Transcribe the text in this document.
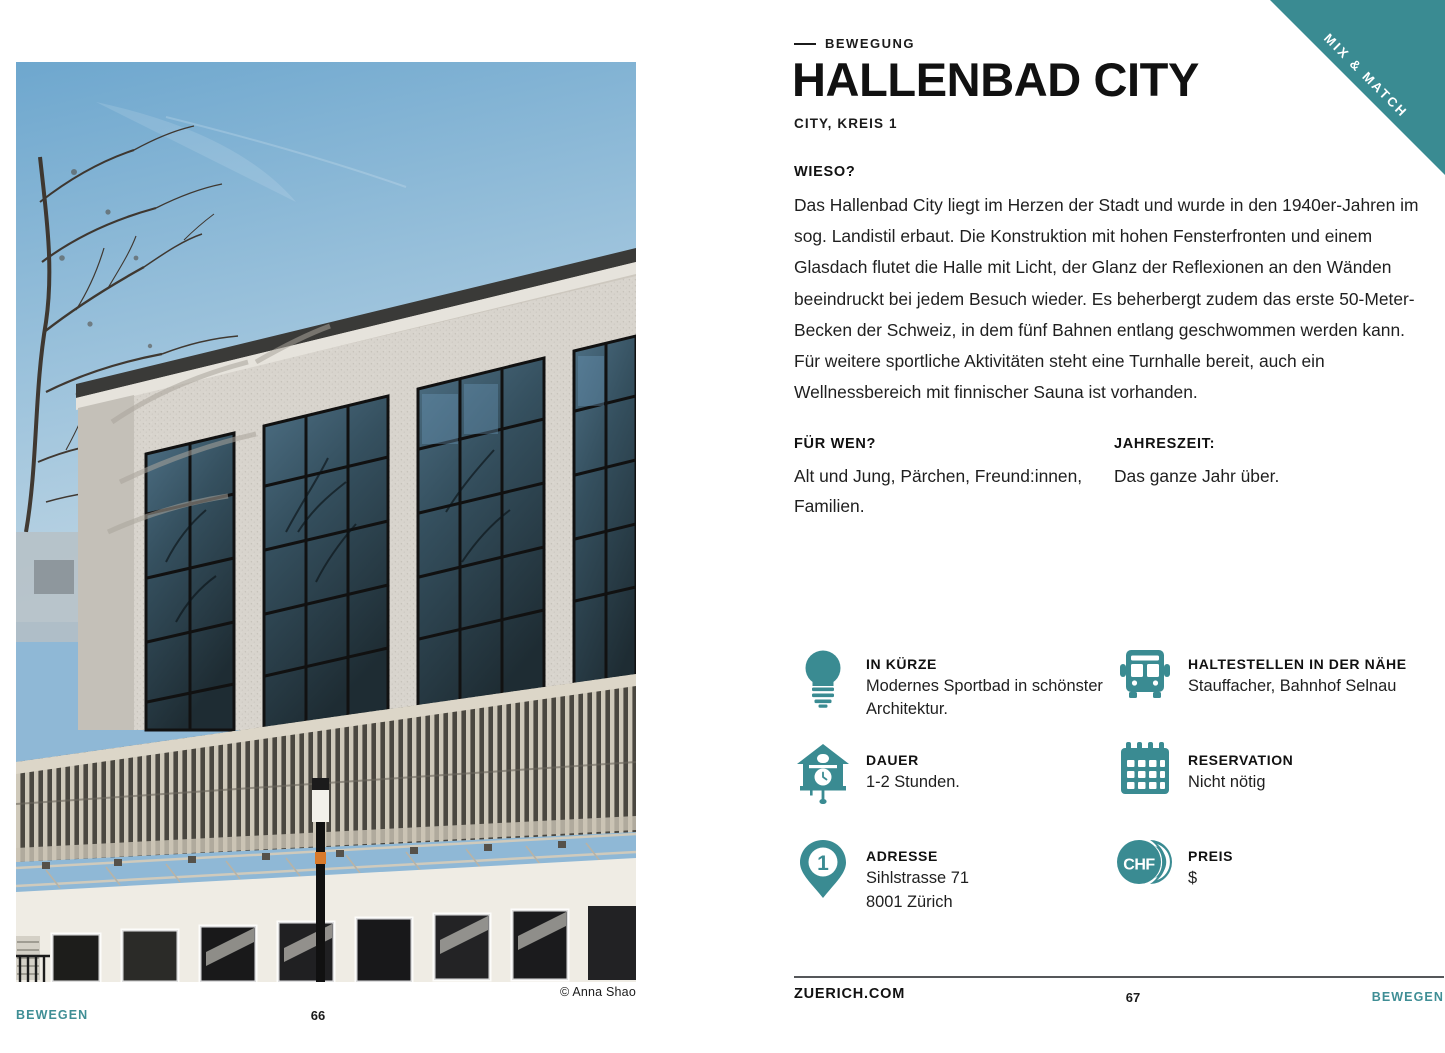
© Anna Shao
66
BEWEGEN
MIX & MATCH
BEWEGUNG
HALLENBAD CITY
CITY, KREIS 1
WIESO?
Das Hallenbad City liegt im Herzen der Stadt und wurde in den 1940er-Jahren im sog. Landistil erbaut. Die Konstruktion mit hohen Fensterfronten und einem Glasdach flutet die Halle mit Licht, der Glanz der Reflexionen an den Wänden beeindruckt bei jedem Besuch wieder. Es beherbergt zudem das erste 50-Meter-Becken der Schweiz, in dem fünf Bahnen entlang geschwommen werden kann. Für weitere sportliche Aktivitäten steht eine Turnhalle bereit, auch ein Wellnessbereich mit finnischer Sauna ist vorhanden.
FÜR WEN?
Alt und Jung, Pärchen, Freund:innen, Familien.
JAHRESZEIT:
Das ganze Jahr über.
IN KÜRZE
Modernes Sportbad in schönster Architektur.
HALTESTELLEN IN DER NÄHE
Stauffacher, Bahnhof Selnau
DAUER
1-2 Stunden.
RESERVATION
Nicht nötig
1	ADRESSE
Sihlstrasse 71
8001 Zürich
CHF
PREIS
$
ZUERICH.COM	67	BEWEGEN
